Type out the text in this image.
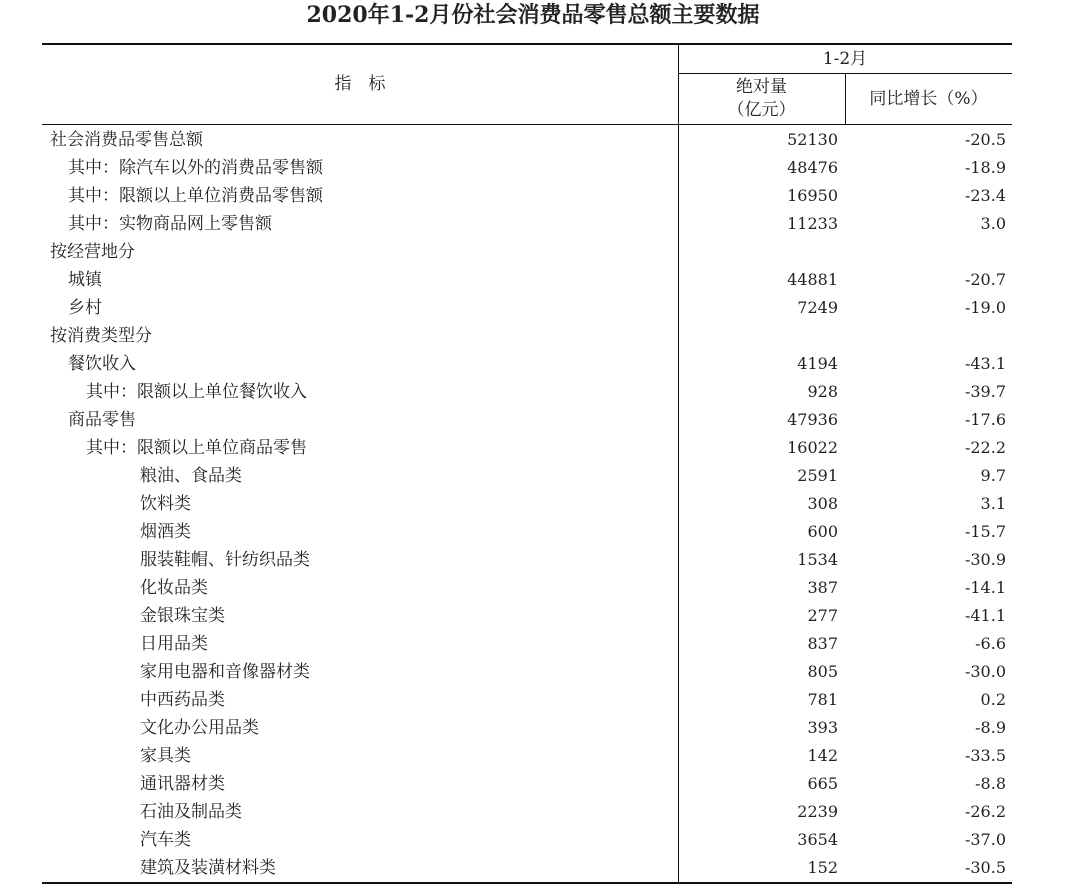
2020年1-2月份社会消费品零售总额主要数据
指　标
1-2月
绝对量
（亿元）
同比增长（%）
社会消费品零售总额	52130	-20.5
其中：除汽车以外的消费品零售额	48476	-18.9
其中：限额以上单位消费品零售额	16950	-23.4
其中：实物商品网上零售额	11233	3.0
按经营地分
城镇	44881	-20.7
乡村	7249	-19.0
按消费类型分
餐饮收入	4194	-43.1
其中：限额以上单位餐饮收入	928	-39.7
商品零售	47936	-17.6
其中：限额以上单位商品零售	16022	-22.2
粮油、食品类	2591	9.7
饮料类	308	3.1
烟酒类	600	-15.7
服装鞋帽、针纺织品类	1534	-30.9
化妆品类	387	-14.1
金银珠宝类	277	-41.1
日用品类	837	-6.6
家用电器和音像器材类	805	-30.0
中西药品类	781	0.2
文化办公用品类	393	-8.9
家具类	142	-33.5
通讯器材类	665	-8.8
石油及制品类	2239	-26.2
汽车类	3654	-37.0
建筑及装潢材料类	152	-30.5
